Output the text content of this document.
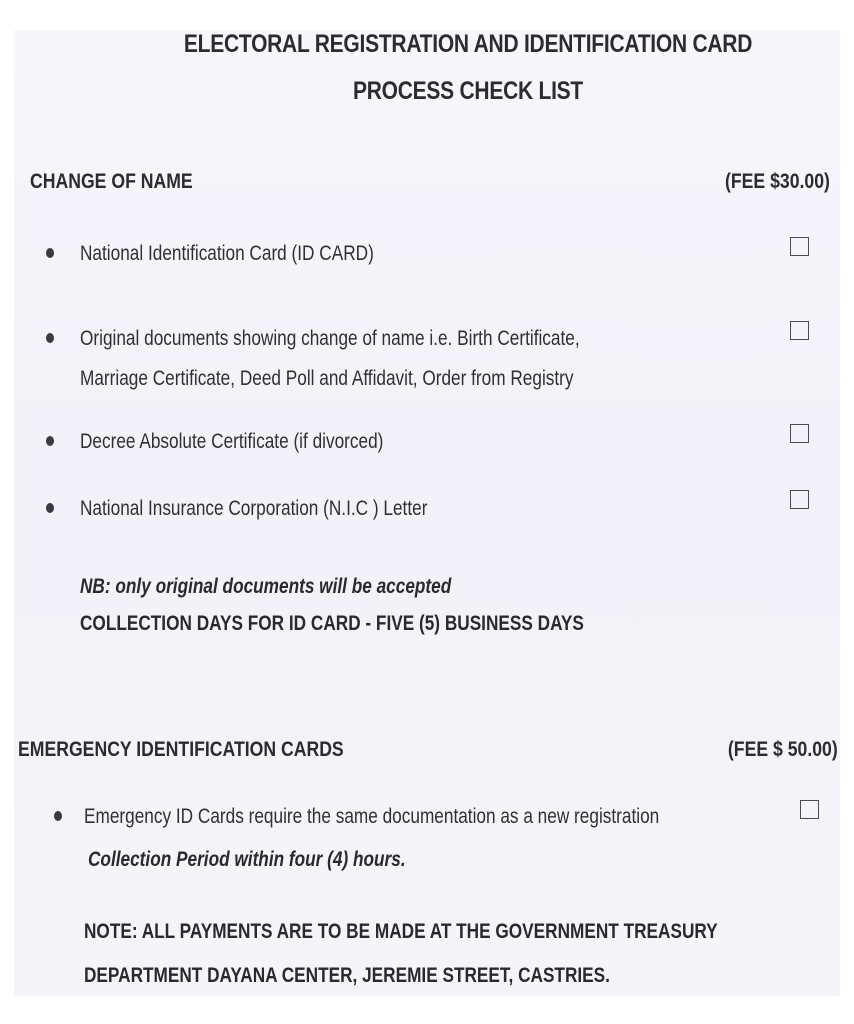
ELECTORAL REGISTRATION AND IDENTIFICATION CARD
PROCESS CHECK LIST
CHANGE OF NAME	(FEE $30.00)
National Identification Card (ID CARD)
Original documents showing change of name i.e. Birth Certificate,
Marriage Certificate, Deed Poll and Affidavit, Order from Registry
Decree Absolute Certificate (if divorced)
National Insurance Corporation (N.I.C ) Letter
NB: only original documents will be accepted
COLLECTION DAYS FOR ID CARD - FIVE (5) BUSINESS DAYS
EMERGENCY IDENTIFICATION CARDS	(FEE $ 50.00)
Emergency ID Cards require the same documentation as a new registration
Collection Period within four (4) hours.
NOTE: ALL PAYMENTS ARE TO BE MADE AT THE GOVERNMENT TREASURY
DEPARTMENT DAYANA CENTER, JEREMIE STREET, CASTRIES.
